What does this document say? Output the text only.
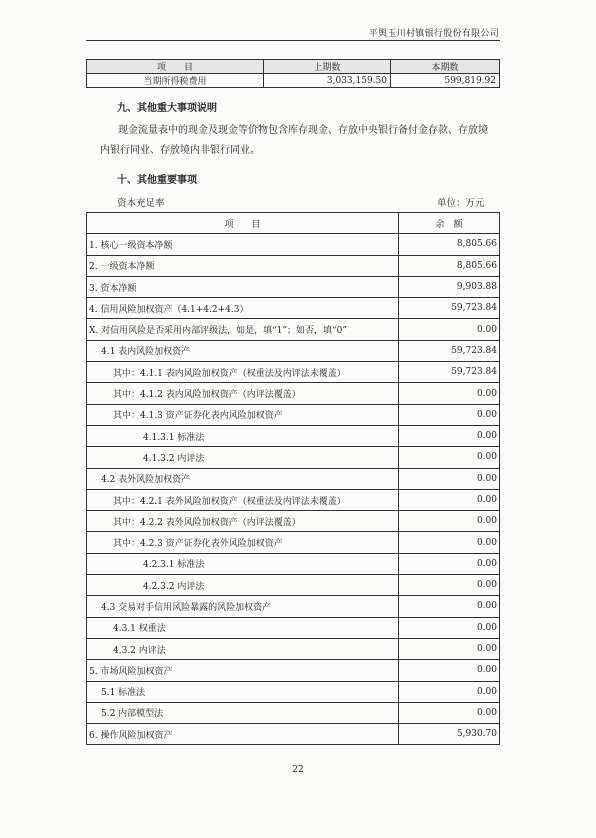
平舆玉川村镇银行股份有限公司
项　　目	上期数	本期数
当期所得税费用	3,033,159.50	599,819.92
九、其他重大事项说明
现金流量表中的现金及现金等价物包含库存现金、存放中央银行备付金存款、存放境内银行同业、存放境内非银行同业。
十、其他重要事项
资本充足率	单位：万元
项　　目	余　额
1. 核心一级资本净额	8,805.66
2. 一级资本净额	8,805.66
3. 资本净额	9,903.88
4. 信用风险加权资产（4.1+4.2+4.3）	59,723.84
X. 对信用风险是否采用内部评级法，如是，填“1”；如否，填“0”	0.00
4.1 表内风险加权资产	59,723.84
其中：4.1.1 表内风险加权资产（权重法及内评法未覆盖）	59,723.84
其中：4.1.2 表内风险加权资产（内评法覆盖）	0.00
其中：4.1.3 资产证券化表内风险加权资产	0.00
4.1.3.1 标准法	0.00
4.1.3.2 内评法	0.00
4.2 表外风险加权资产	0.00
其中：4.2.1 表外风险加权资产（权重法及内评法未覆盖）	0.00
其中：4.2.2 表外风险加权资产（内评法覆盖）	0.00
其中：4.2.3 资产证券化表外风险加权资产	0.00
4.2.3.1 标准法	0.00
4.2.3.2 内评法	0.00
4.3 交易对手信用风险暴露的风险加权资产	0.00
4.3.1 权重法	0.00
4.3.2 内评法	0.00
5. 市场风险加权资产	0.00
5.1 标准法	0.00
5.2 内部模型法	0.00
6. 操作风险加权资产	5,930.70
22
